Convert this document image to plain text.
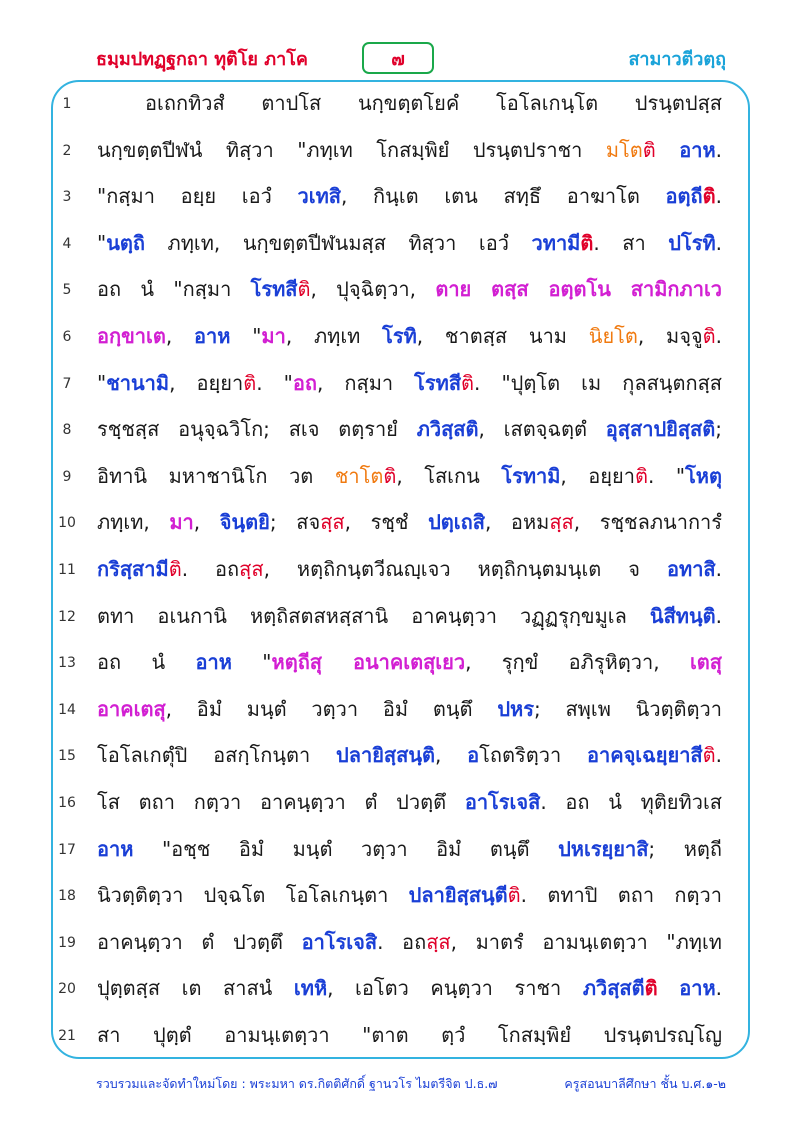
ธมฺมปทฏฺฐกถา ทุติโย ภาโค	๗	สามาวตีวตฺถุ
1	อเถกทิวสํ ตาปโส นกฺขตฺตโยคํ โอโลเกนฺโต ปรนฺตปสฺส
2	นกฺขตฺตปีฬนํ ทิสฺวา "ภทฺเท โกสมฺพิยํ ปรนฺตปราชา มโตติ อาห.
3	"กสฺมา อยฺย เอวํ วเทสิ, กินฺเต เตน สทฺธึ อาฆาโต อตฺถีติ.
4	"นตฺถิ ภทฺเท, นกฺขตฺตปีฬนมสฺส ทิสฺวา เอวํ วทามีติ. สา ปโรทิ.
5	อถ นํ "กสฺมา โรทสีติ, ปุจฺฉิตฺวา, ตาย ตสฺส อตฺตโน สามิกภาเว
6	อกฺขาเต, อาห "มา, ภทฺเท โรทิ, ชาตสฺส นาม นิยโต, มจฺจูติ.
7	"ชานามิ, อยฺยาติ. "อถ, กสฺมา โรทสีติ. "ปุตฺโต เม กุลสนฺตกสฺส
8	รชฺชสฺส อนุจฺฉวิโก; สเจ ตตฺรายํ ภวิสฺสติ, เสตจฺฉตฺตํ อุสฺสาปยิสฺสติ;
9	อิทานิ มหาชานิโก วต ชาโตติ, โสเกน โรทามิ, อยฺยาติ. "โหตุ
10 ภทฺเท, มา, จินฺตยิ; สจสฺส, รชฺชํ ปตฺเถสิ, อหมสฺส, รชฺชลภนาการํ
11 กริสฺสามีติ. อถสฺส, หตฺถิกนฺตวีณญฺเจว หตฺถิกนฺตมนฺเต จ อทาสิ.
12 ตทา อเนกานิ หตฺถิสตสหสฺสานิ อาคนฺตฺวา วฏฺฏรุกฺขมูเล นิสีทนฺติ.
13 อถ นํ อาห "หตฺถีสุ อนาคเตสุเยว, รุกฺขํ อภิรุหิตฺวา, เตสุ
14 อาคเตสุ, อิมํ มนฺตํ วตฺวา อิมํ ตนฺตึ ปหร; สพฺเพ นิวตฺติตฺวา
15 โอโลเกตุํปิ อสกฺโกนฺตา ปลายิสฺสนฺติ, อโถตริตฺวา อาคจฺเฉยฺยาสีติ.
16 โส ตถา กตฺวา อาคนฺตฺวา ตํ ปวตฺตึ อาโรเจสิ. อถ นํ ทุติยทิวเส
17 อาห "อชฺช อิมํ มนฺตํ วตฺวา อิมํ ตนฺตึ ปหเรยฺยาสิ; หตฺถี
18 นิวตฺติตฺวา ปจฺฉโต โอโลเกนฺตา ปลายิสฺสนฺตีติ. ตทาปิ ตถา กตฺวา
19 อาคนฺตฺวา ตํ ปวตฺตึ อาโรเจสิ. อถสฺส, มาตรํ อามนฺเตตฺวา "ภทฺเท
20 ปุตฺตสฺส เต สาสนํ เทหิ, เอโตว คนฺตฺวา ราชา ภวิสฺสตีติ อาห.
21 สา ปุตฺตํ อามนฺเตตฺวา "ตาต ตฺวํ โกสมฺพิยํ ปรนฺตปรญฺโญ
รวบรวมและจัดทำใหม่โดย : พระมหา ดร.กิตติศักดิ์ ฐานวโร ไมตรีจิต ป.ธ.๗	ครูสอนบาลีศึกษา ชั้น บ.ศ.๑-๒
